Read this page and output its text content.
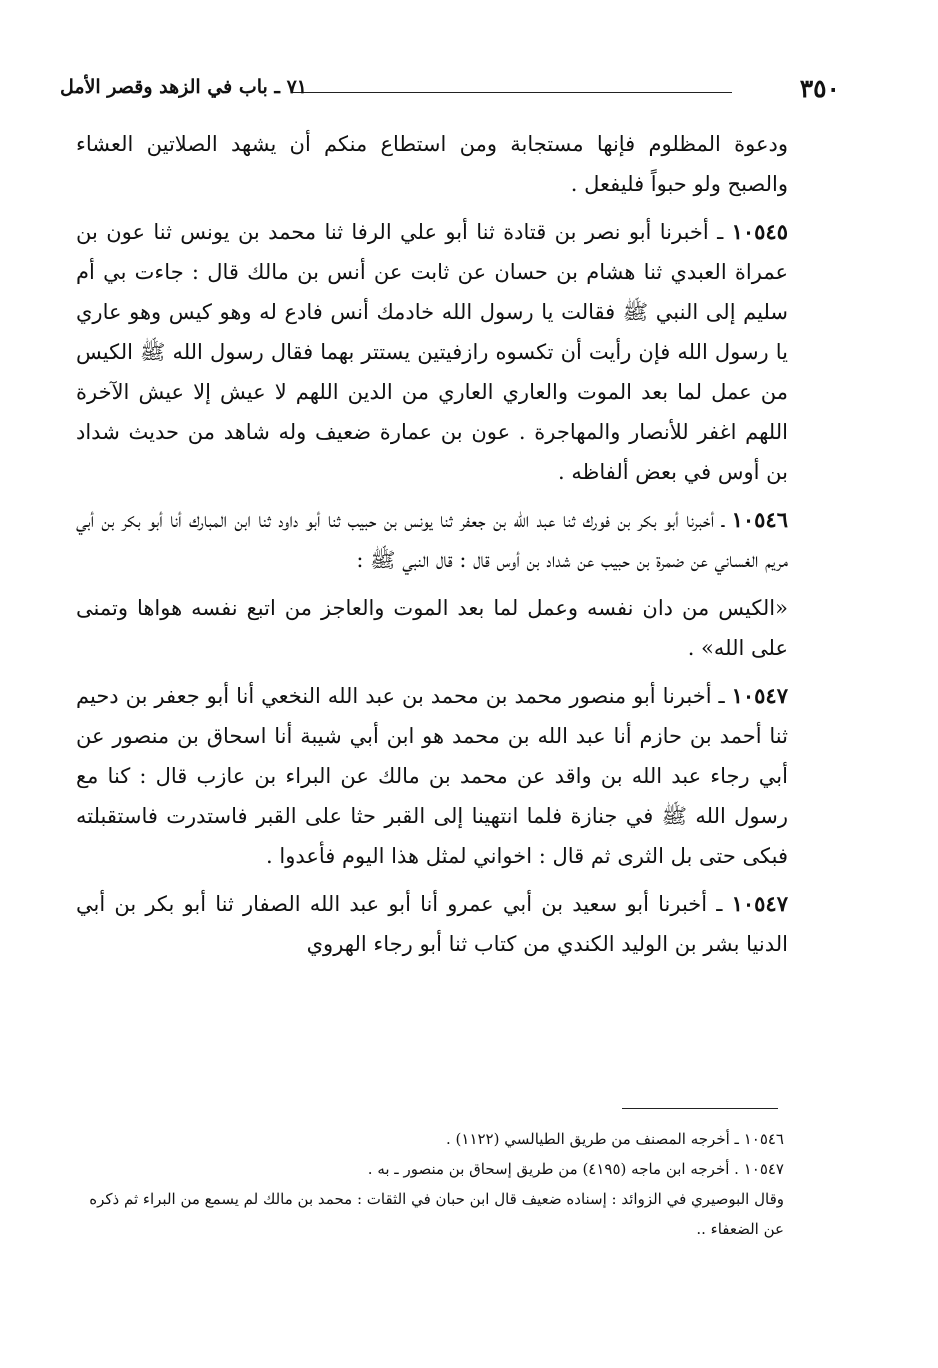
٣٥٠
٧١ ـ باب في الزهد وقصر الأمل

ودعوة المظلوم فإنها مستجابة ومن استطاع منكم أن يشهد الصلاتين العشاء والصبح ولو حبواً فليفعل .

١٠٥٤٥ ـ أخبرنا أبو نصر بن قتادة ثنا أبو علي الرفا ثنا محمد بن يونس ثنا عون بن عمراة العبدي ثنا هشام بن حسان عن ثابت عن أنس بن مالك قال : جاءت بي أم سليم إلى النبي ﷺ فقالت يا رسول الله خادمك أنس فادع له وهو كيس وهو عاري يا رسول الله فإن رأيت أن تكسوه رازفيتين يستتر بهما فقال رسول الله ﷺ الكيس من عمل لما بعد الموت والعاري العاري من الدين اللهم لا عيش إلا عيش الآخرة اللهم اغفر للأنصار والمهاجرة . عون بن عمارة ضعيف وله شاهد من حديث شداد بن أوس في بعض ألفاظه .

١٠٥٤٦ ـ أخبرنا أبو بكر بن فورك ثنا عبد الله بن جعفر ثنا يونس بن حبيب ثنا أبو داود ثنا ابن المبارك أنا أبو بكر بن أبي مريم الغساني عن ضمرة بن حبيب عن شداد بن أوس قال : قال النبي ﷺ :

«الكيس من دان نفسه وعمل لما بعد الموت والعاجز من اتبع نفسه هواها وتمنى على الله» .

١٠٥٤٧ ـ أخبرنا أبو منصور محمد بن محمد بن عبد الله النخعي أنا أبو جعفر بن دحيم ثنا أحمد بن حازم أنا عبد الله بن محمد هو ابن أبي شيبة أنا اسحاق بن منصور عن أبي رجاء عبد الله بن واقد عن محمد بن مالك عن البراء بن عازب قال : كنا مع رسول الله ﷺ في جنازة فلما انتهينا إلى القبر حثا على القبر فاستدرت فاستقبلته فبكى حتى بل الثرى ثم قال : اخواني لمثل هذا اليوم فأعدوا .

١٠٥٤٧ ـ أخبرنا أبو سعيد بن أبي عمرو أنا أبو عبد الله الصفار ثنا أبو بكر بن أبي الدنيا بشر بن الوليد الكندي من كتاب ثنا أبو رجاء الهروي

١٠٥٤٦ ـ أخرجه المصنف من طريق الطيالسي (١١٢٢) .

١٠٥٤٧ . أخرجه ابن ماجه (٤١٩٥) من طريق إسحاق بن منصور ـ به .

وقال البوصيري في الزوائد : إسناده ضعيف قال ابن حبان في الثقات : محمد بن مالك لم يسمع من البراء ثم ذكره عن الضعفاء ..
